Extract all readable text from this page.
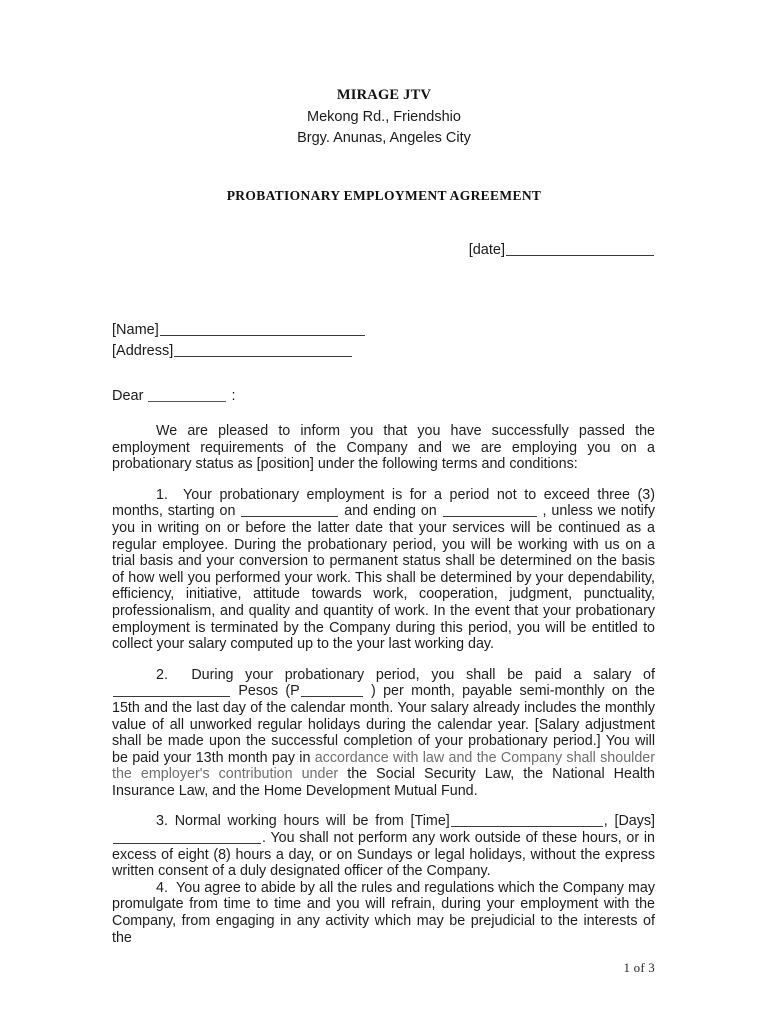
MIRAGE JTV
Mekong Rd., Friendshio
Brgy. Anunas, Angeles City
PROBATIONARY EMPLOYMENT AGREEMENT
[date]
[Name]
[Address]
Dear	:

We are pleased to inform you that you have successfully passed the employment requirements of the Company and we are employing you on a probationary status as [position] under the following terms and conditions:

1. Your probationary employment is for a period not to exceed three (3) months, starting on	and ending on	, unless we notify you in writing on or before the latter date that your services will be continued as a regular employee. During the probationary period, you will be working with us on a trial basis and your conversion to permanent status shall be determined on the basis of how well you performed your work. This shall be determined by your dependability, efficiency, initiative, attitude towards work, cooperation, judgment, punctuality, professionalism, and quality and quantity of work. In the event that your probationary employment is terminated by the Company during this period, you will be entitled to collect your salary computed up to the your last working day.

2. During your probationary period, you shall be paid a salary of  Pesos (P	) per month, payable semi-monthly on the 15th and the last day of the calendar month. Your salary already includes the monthly value of all unworked regular holidays during the calendar year. [Salary adjustment shall be made upon the successful completion of your probationary period.] You will be paid your 13th month pay in accordance with law and the Company shall shoulder the employer's contribution under the Social Security Law, the National Health Insurance Law, and the Home Development Mutual Fund.

3. Normal working hours will be from [Time]	, [Days]. You shall not perform any work outside of these hours, or in excess of eight (8) hours a day, or on Sundays or legal holidays, without the express written consent of a duly designated officer of the Company.

4. You agree to abide by all the rules and regulations which the Company may promulgate from time to time and you will refrain, during your employment with the Company, from engaging in any activity which may be prejudicial to the interests of the

1 of 3
